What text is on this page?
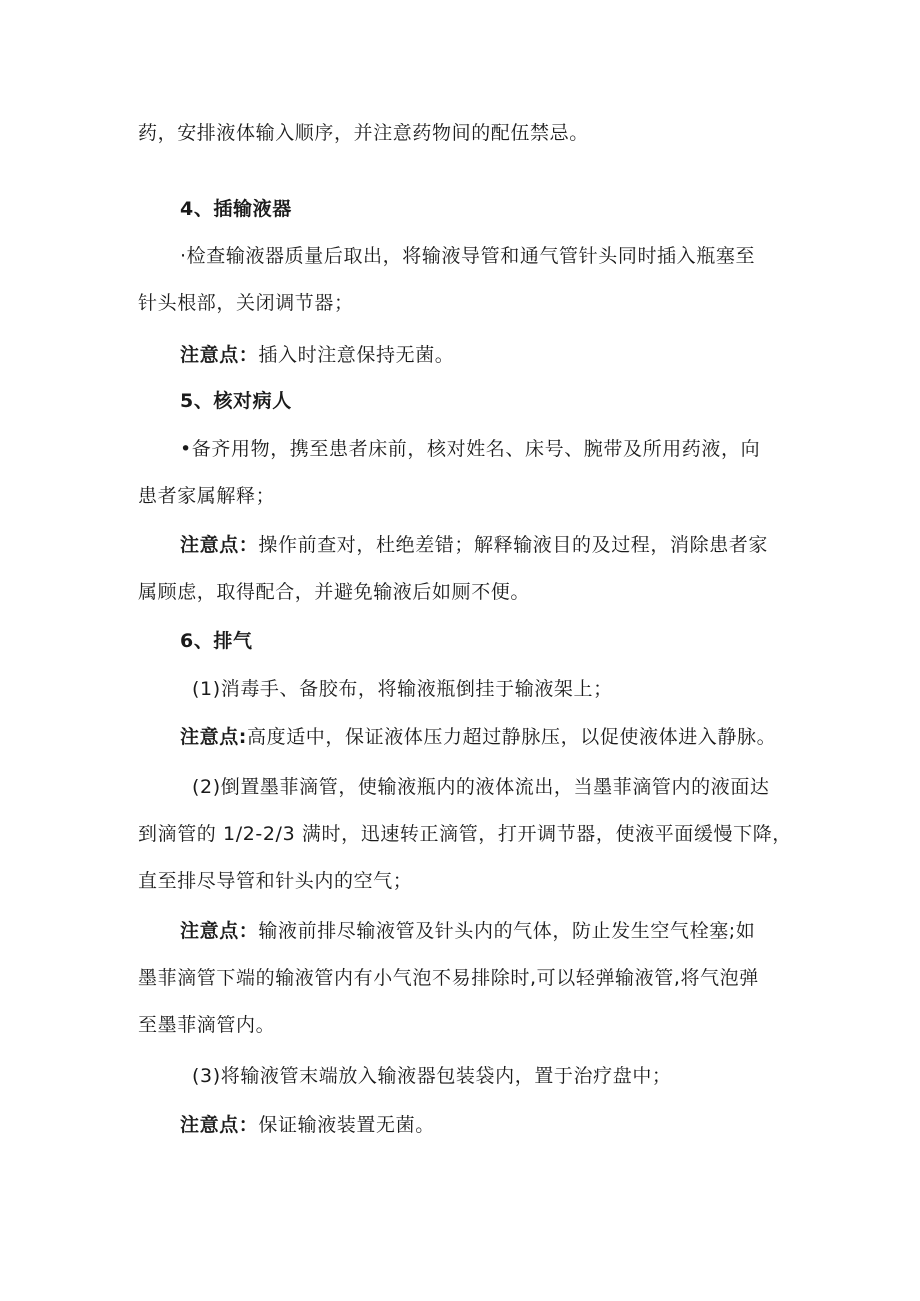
药，安排液体输入顺序，并注意药物间的配伍禁忌。
4、插输液器
·检查输液器质量后取出，将输液导管和通气管针头同时插入瓶塞至
针头根部，关闭调节器；
注意点：插入时注意保持无菌。
5、核对病人
•备齐用物，携至患者床前，核对姓名、床号、腕带及所用药液，向
患者家属解释；
注意点：操作前查对，杜绝差错；解释输液目的及过程，消除患者家
属顾虑，取得配合，并避免输液后如厕不便。
6、排气
(1)消毒手、备胶布，将输液瓶倒挂于输液架上；
注意点:高度适中，保证液体压力超过静脉压，以促使液体进入静脉。
(2)倒置墨菲滴管，使输液瓶内的液体流出，当墨菲滴管内的液面达
到滴管的 1/2-2/3 满时，迅速转正滴管，打开调节器，使液平面缓慢下降，
直至排尽导管和针头内的空气；
注意点：输液前排尽输液管及针头内的气体，防止发生空气栓塞;如
墨菲滴管下端的输液管内有小气泡不易排除时,可以轻弹输液管,将气泡弹
至墨菲滴管内。
(3)将输液管末端放入输液器包装袋内，置于治疗盘中；
注意点：保证输液装置无菌。
